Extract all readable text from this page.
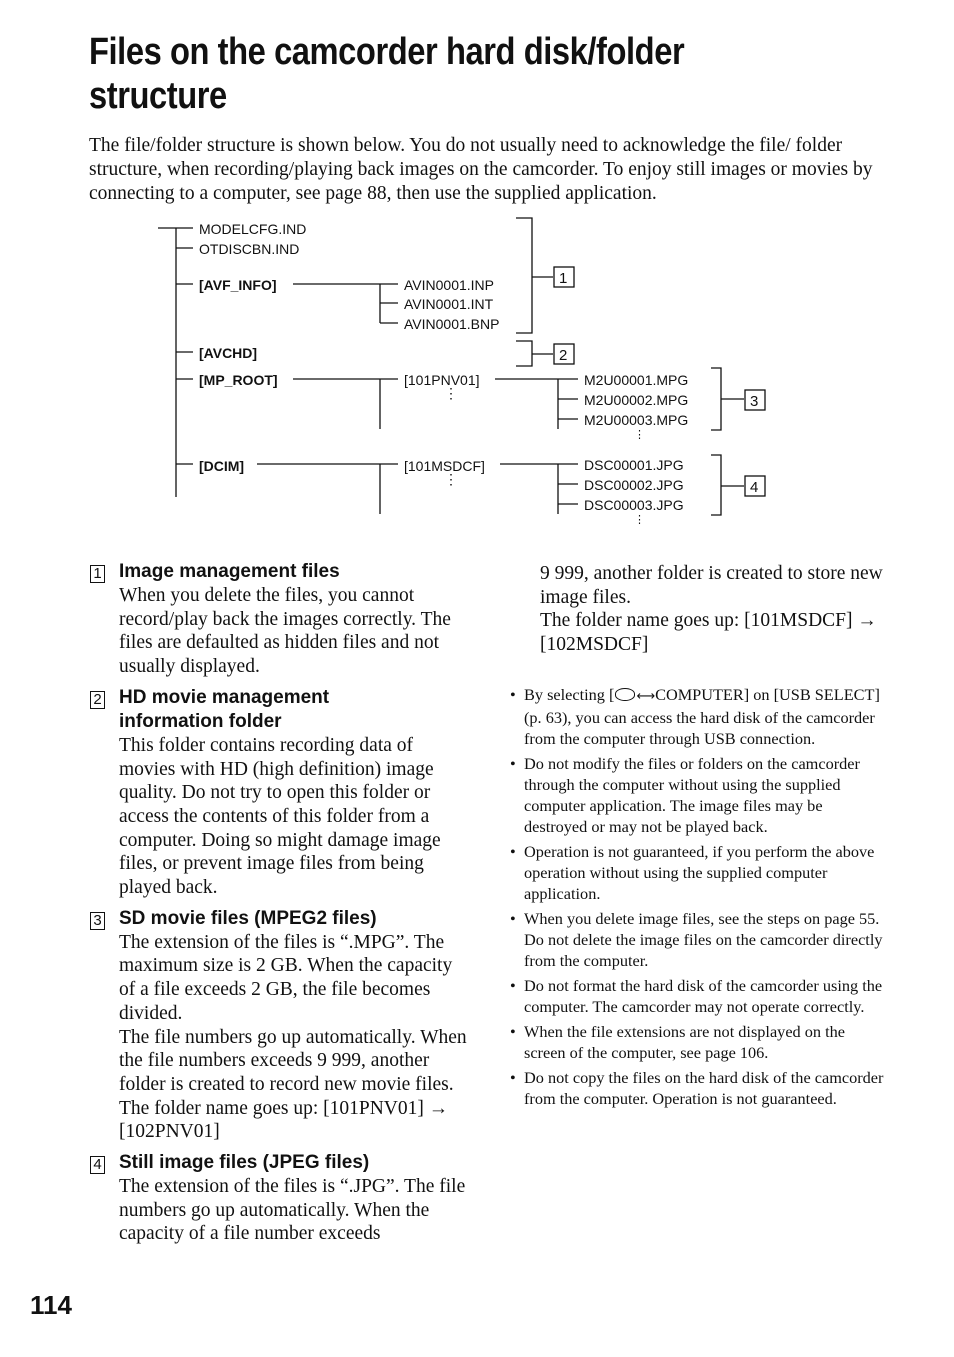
Files on the camcorder hard disk/folder structure

The file/folder structure is shown below. You do not usually need to acknowledge the file/ folder structure, when recording/playing back images on the camcorder. To enjoy still images or movies by connecting to a computer, see page 88, then use the supplied application.

MODELCFG.IND
OTDISCBN.IND
[AVF_INFO]
[AVCHD]
[MP_ROOT]
[DCIM]
AVIN0001.INP
AVIN0001.INT
AVIN0001.BNP
1
2
[101PNV01]
⋮
M2U00001.MPG
M2U00002.MPG
M2U00003.MPG
⋮
3
[101MSDCF]
⋮
DSC00001.JPG
DSC00002.JPG
DSC00003.JPG
⋮
4
1 Image management files

When you delete the files, you cannot record/play back the images correctly. The files are defaulted as hidden files and not usually displayed.

2 HD movie management information folder

This folder contains recording data of movies with HD (high definition) image quality. Do not try to open this folder or access the contents of this folder from a computer. Doing so might damage image files, or prevent image files from being played back.

3 SD movie files (MPEG2 files)

The extension of the files is “.MPG”. The maximum size is 2 GB. When the capacity of a file exceeds 2 GB, the file becomes divided.

The file numbers go up automatically. When the file numbers exceeds 9 999, another folder is created to record new movie files.

The folder name goes up: [101PNV01] → [102PNV01]

4 Still image files (JPEG files)

The extension of the files is “.JPG”. The file numbers go up automatically. When the capacity of a file number exceeds

9 999, another folder is created to store new image files.

The folder name goes up: [101MSDCF] → [102MSDCF]

• By selecting [ ⟷COMPUTER] on [USB SELECT] (p. 63), you can access the hard disk of the camcorder from the computer through USB connection.
• Do not modify the files or folders on the camcorder through the computer without using the supplied computer application. The image files may be destroyed or may not be played back.
• Operation is not guaranteed, if you perform the above operation without using the supplied computer application.
• When you delete image files, see the steps on page 55. Do not delete the image files on the camcorder directly from the computer.
• Do not format the hard disk of the camcorder using the computer. The camcorder may not operate correctly.
• When the file extensions are not displayed on the screen of the computer, see page 106.
• Do not copy the files on the hard disk of the camcorder from the computer. Operation is not guaranteed.

114
